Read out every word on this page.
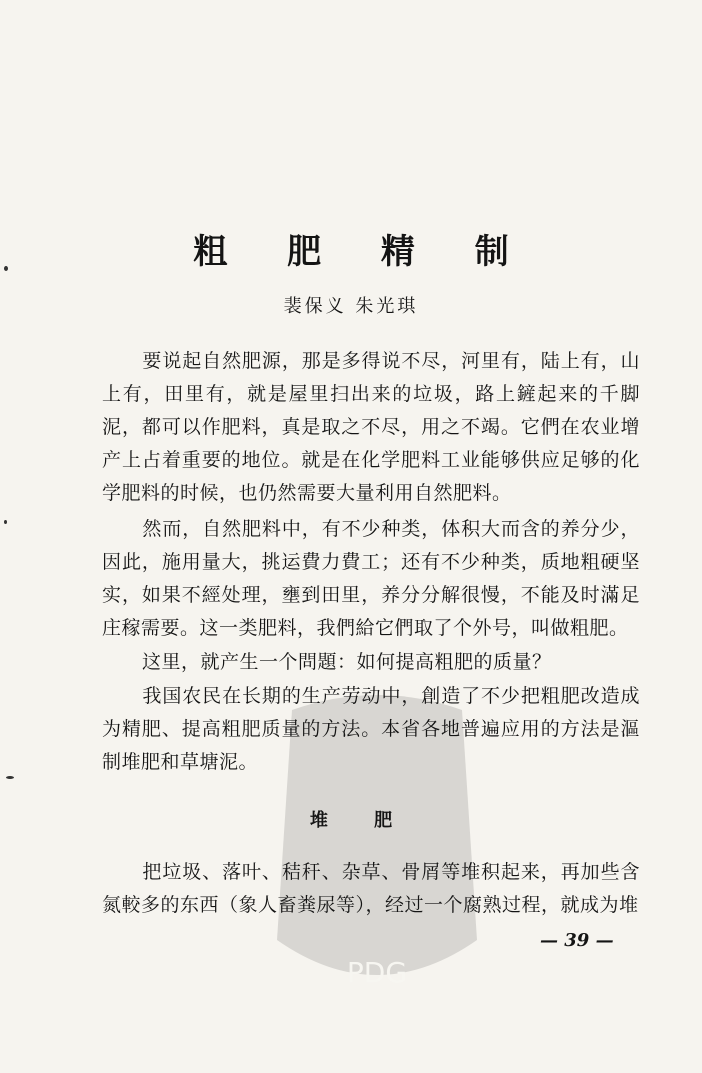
PDG
粗 肥 精 制
裴保义 朱光琪

要说起自然肥源，那是多得说不尽，河里有，陆上有，山上有，田里有，就是屋里扫出来的垃圾，路上鏟起来的千脚泥，都可以作肥料，真是取之不尽，用之不竭。它們在农业增产上占着重要的地位。就是在化学肥料工业能够供应足够的化学肥料的时候，也仍然需要大量利用自然肥料。

然而，自然肥料中，有不少种类，体积大而含的养分少，因此，施用量大，挑运費力費工；还有不少种类，质地粗硬坚实，如果不經处理，壅到田里，养分分解很慢，不能及时滿足庄稼需要。这一类肥料，我們給它們取了个外号，叫做粗肥。

这里，就产生一个問題：如何提高粗肥的质量？

我国农民在长期的生产劳动中，創造了不少把粗肥改造成为精肥、提高粗肥质量的方法。本省各地普遍应用的方法是漚制堆肥和草塘泥。

堆 肥

把垃圾、落叶、秸秆、杂草、骨屑等堆积起来，再加些含氮較多的东西（象人畜粪尿等），经过一个腐熟过程，就成为堆

— 39 —
